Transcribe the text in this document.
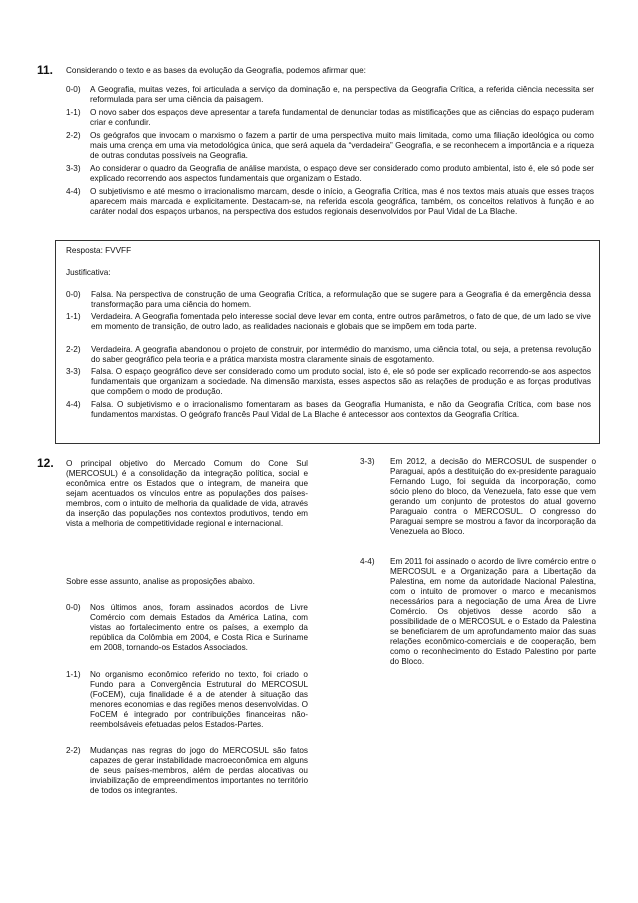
11. Considerando o texto e as bases da evolução da Geografia, podemos afirmar que:
0-0) A Geografia, muitas vezes, foi articulada a serviço da dominação e, na perspectiva da Geografia Crítica, a referida ciência necessita ser reformulada para ser uma ciência da paisagem.
1-1) O novo saber dos espaços deve apresentar a tarefa fundamental de denunciar todas as mistificações que as ciências do espaço puderam criar e confundir.
2-2) Os geógrafos que invocam o marxismo o fazem a partir de uma perspectiva muito mais limitada, como uma filiação ideológica ou como mais uma crença em uma via metodológica única, que será aquela da “verdadeira” Geografia, e se reconhecem a importância e a riqueza de outras condutas possíveis na Geografia.
3-3) Ao considerar o quadro da Geografia de análise marxista, o espaço deve ser considerado como produto ambiental, isto é, ele só pode ser explicado recorrendo aos aspectos fundamentais que organizam o Estado.
4-4) O subjetivismo e até mesmo o irracionalismo marcam, desde o início, a Geografia Crítica, mas é nos textos mais atuais que esses traços aparecem mais marcada e explicitamente. Destacam-se, na referida escola geográfica, também, os conceitos relativos à função e ao caráter nodal dos espaços urbanos, na perspectiva dos estudos regionais desenvolvidos por Paul Vidal de La Blache.
Resposta: FVVFF
Justificativa:
0-0) Falsa. Na perspectiva de construção de uma Geografia Crítica, a reformulação que se sugere para a Geografia é da emergência dessa transformação para uma ciência do homem.
1-1) Verdadeira. A Geografia fomentada pelo interesse social deve levar em conta, entre outros parâmetros, o fato de que, de um lado se vive em momento de transição, de outro lado, as realidades nacionais e globais que se impõem em toda parte.
2-2) Verdadeira. A geografia abandonou o projeto de construir, por intermédio do marxismo, uma ciência total, ou seja, a pretensa revolução do saber geográfico pela teoria e a prática marxista mostra claramente sinais de esgotamento.
3-3) Falsa. O espaço geográfico deve ser considerado como um produto social, isto é, ele só pode ser explicado recorrendo-se aos aspectos fundamentais que organizam a sociedade. Na dimensão marxista, esses aspectos são as relações de produção e as forças produtivas que compõem o modo de produção.
4-4) Falsa. O subjetivismo e o irracionalismo fomentaram as bases da Geografia Humanista, e não da Geografia Crítica, com base nos fundamentos marxistas. O geógrafo francês Paul Vidal de La Blache é antecessor aos contextos da Geografia Crítica.
12. O principal objetivo do Mercado Comum do Cone Sul (MERCOSUL) é a consolidação da integração política, social e econômica entre os Estados que o integram, de maneira que sejam acentuados os vínculos entre as populações dos países-membros, com o intuito de melhoria da qualidade de vida, através da inserção das populações nos contextos produtivos, tendo em vista a melhoria de competitividade regional e internacional.
Sobre esse assunto, analise as proposições abaixo.
0-0) Nos últimos anos, foram assinados acordos de Livre Comércio com demais Estados da América Latina, com vistas ao fortalecimento entre os países, a exemplo da república da Colômbia em 2004, e Costa Rica e Suriname em 2008, tornando-os Estados Associados.
1-1) No organismo econômico referido no texto, foi criado o Fundo para a Convergência Estrutural do MERCOSUL (FoCEM), cuja finalidade é a de atender à situação das menores economias e das regiões menos desenvolvidas. O FoCEM é integrado por contribuições financeiras não-reembolsáveis efetuadas pelos Estados-Partes.
2-2) Mudanças nas regras do jogo do MERCOSUL são fatos capazes de gerar instabilidade macroeconômica em alguns de seus países-membros, além de perdas alocativas ou inviabilização de empreendimentos importantes no território de todos os integrantes.
3-3) Em 2012, a decisão do MERCOSUL de suspender o Paraguai, após a destituição do ex-presidente paraguaio Fernando Lugo, foi seguida da incorporação, como sócio pleno do bloco, da Venezuela, fato esse que vem gerando um conjunto de protestos do atual governo Paraguaio contra o MERCOSUL. O congresso do Paraguai sempre se mostrou a favor da incorporação da Venezuela ao Bloco.
4-4) Em 2011 foi assinado o acordo de livre comércio entre o MERCOSUL e a Organização para a Libertação da Palestina, em nome da autoridade Nacional Palestina, com o intuito de promover o marco e mecanismos necessários para a negociação de uma Área de Livre Comércio. Os objetivos desse acordo são a possibilidade de o MERCOSUL e o Estado da Palestina se beneficiarem de um aprofundamento maior das suas relações econômico-comerciais e de cooperação, bem como o reconhecimento do Estado Palestino por parte do Bloco.
